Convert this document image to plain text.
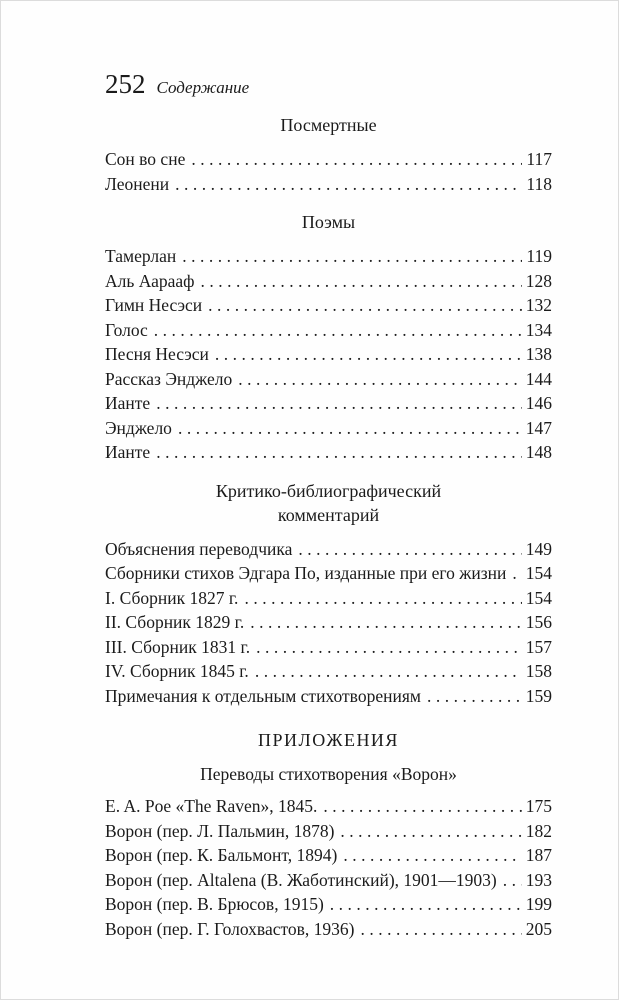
252 Содержание
Посмертные
Сон во сне .....	117
Леонени .....	118
Поэмы
Тамерлан .....	119
Аль Аарааф .....	128
Гимн Несэси .....	132
Голос .....	134
Песня Несэси .....	138
Рассказ Энджело .....	144
Ианте .....	146
Энджело .....	147
Ианте .....	148
Критико-библиографический
комментарий
Объяснения переводчика .....	149
Сборники стихов Эдгара По, изданные при его жизни ..... 154
I. Сборник 1827 г. .....	154
II. Сборник 1829 г. .....	156
III. Сборник 1831 г. .....	157
IV. Сборник 1845 г. .....	158
Примечания к отдельным стихотворениям .....	159
ПРИЛОЖЕНИЯ
Переводы стихотворения «Ворон»
E. A. Poe «The Raven», 1845. .....	175
Ворон (пер. Л. Пальмин, 1878) .....	182
Ворон (пер. К. Бальмонт, 1894) .....	187
Ворон (пер. Altalena (В. Жаботинский), 1901—1903) ..... 193
Ворон (пер. В. Брюсов, 1915) .....	199
Ворон (пер. Г. Голохвастов, 1936) .....	205
